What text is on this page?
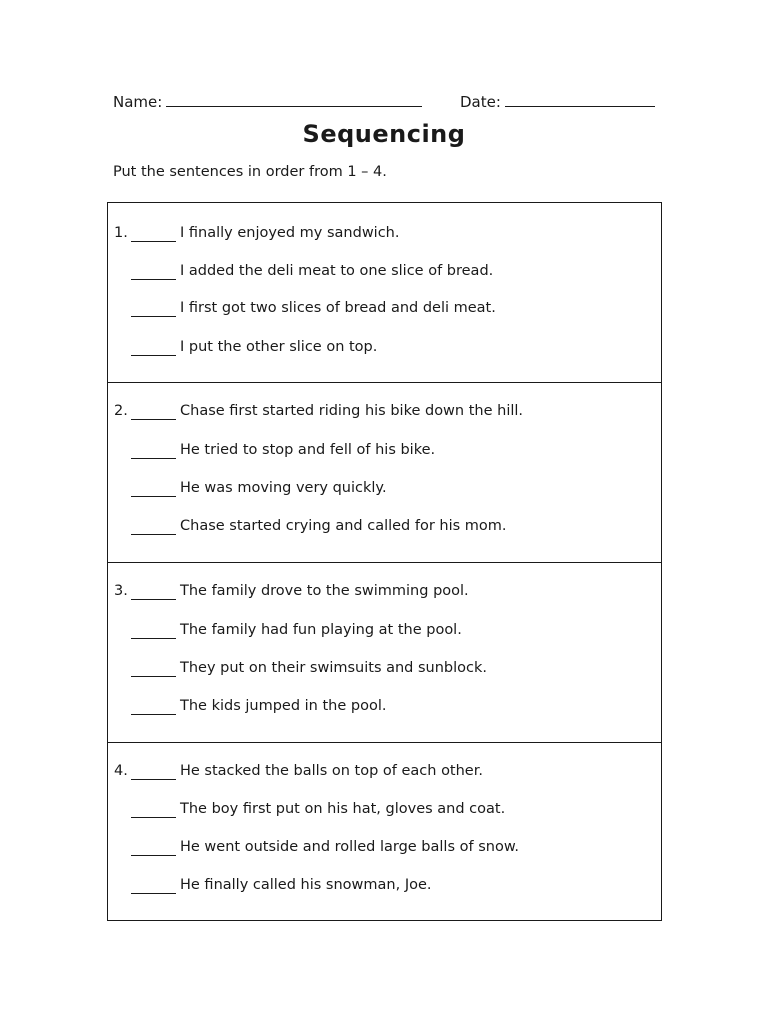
Name:	Date:
Sequencing
Put the sentences in order from 1 – 4.
1.	I finally enjoyed my sandwich.
I added the deli meat to one slice of bread.
I first got two slices of bread and deli meat.
I put the other slice on top.
2.	Chase first started riding his bike down the hill.
He tried to stop and fell of his bike.
He was moving very quickly.
Chase started crying and called for his mom.
3.	The family drove to the swimming pool.
The family had fun playing at the pool.
They put on their swimsuits and sunblock.
The kids jumped in the pool.
4.	He stacked the balls on top of each other.
The boy first put on his hat, gloves and coat.
He went outside and rolled large balls of snow.
He finally called his snowman, Joe.
